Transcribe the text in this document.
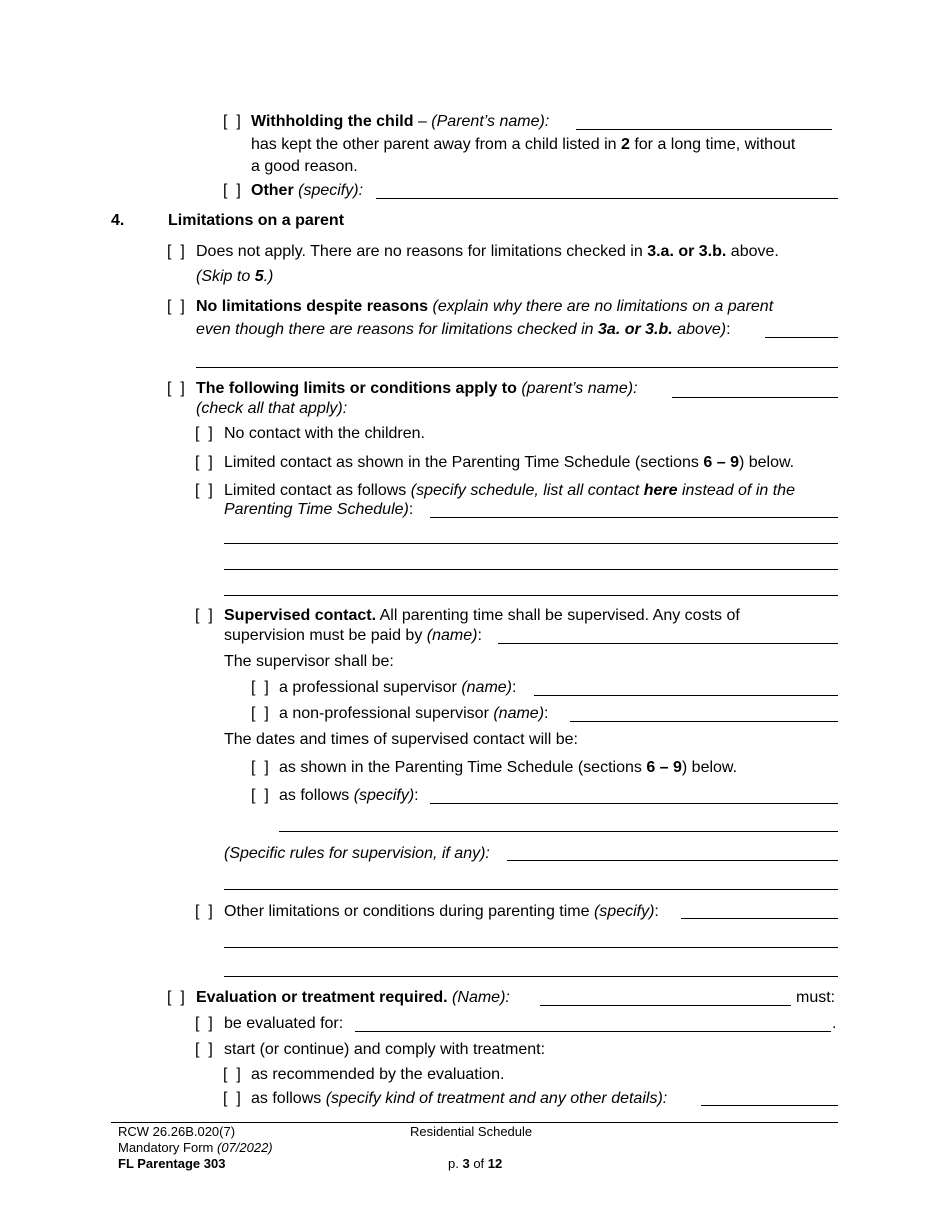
[  ] Withholding the child – (Parent’s name):
has kept the other parent away from a child listed in 2 for a long time, without
a good reason.
[  ] Other (specify):
4.	Limitations on a parent
[  ] Does not apply. There are no reasons for limitations checked in 3.a. or 3.b. above.
(Skip to 5.)
[  ] No limitations despite reasons (explain why there are no limitations on a parent
even though there are reasons for limitations checked in 3a. or 3.b. above):
[  ] The following limits or conditions apply to (parent’s name):
(check all that apply):
[  ] No contact with the children.
[  ] Limited contact as shown in the Parenting Time Schedule (sections 6 – 9) below.
[  ] Limited contact as follows (specify schedule, list all contact here instead of in the
Parenting Time Schedule):
[  ] Supervised contact. All parenting time shall be supervised. Any costs of
supervision must be paid by (name):
The supervisor shall be:
[  ] a professional supervisor (name):
[  ] a non-professional supervisor (name):
The dates and times of supervised contact will be:
[  ] as shown in the Parenting Time Schedule (sections 6 – 9) below.
[  ] as follows (specify):
(Specific rules for supervision, if any):
[  ] Other limitations or conditions during parenting time (specify):
[  ] Evaluation or treatment required. (Name):	must:
[  ] be evaluated for:	.
[  ] start (or continue) and comply with treatment:
[  ] as recommended by the evaluation.
[  ] as follows (specify kind of treatment and any other details):
RCW 26.26B.020(7)
Mandatory Form (07/2022)
FL Parentage 303
Residential Schedule
p. 3 of 12
